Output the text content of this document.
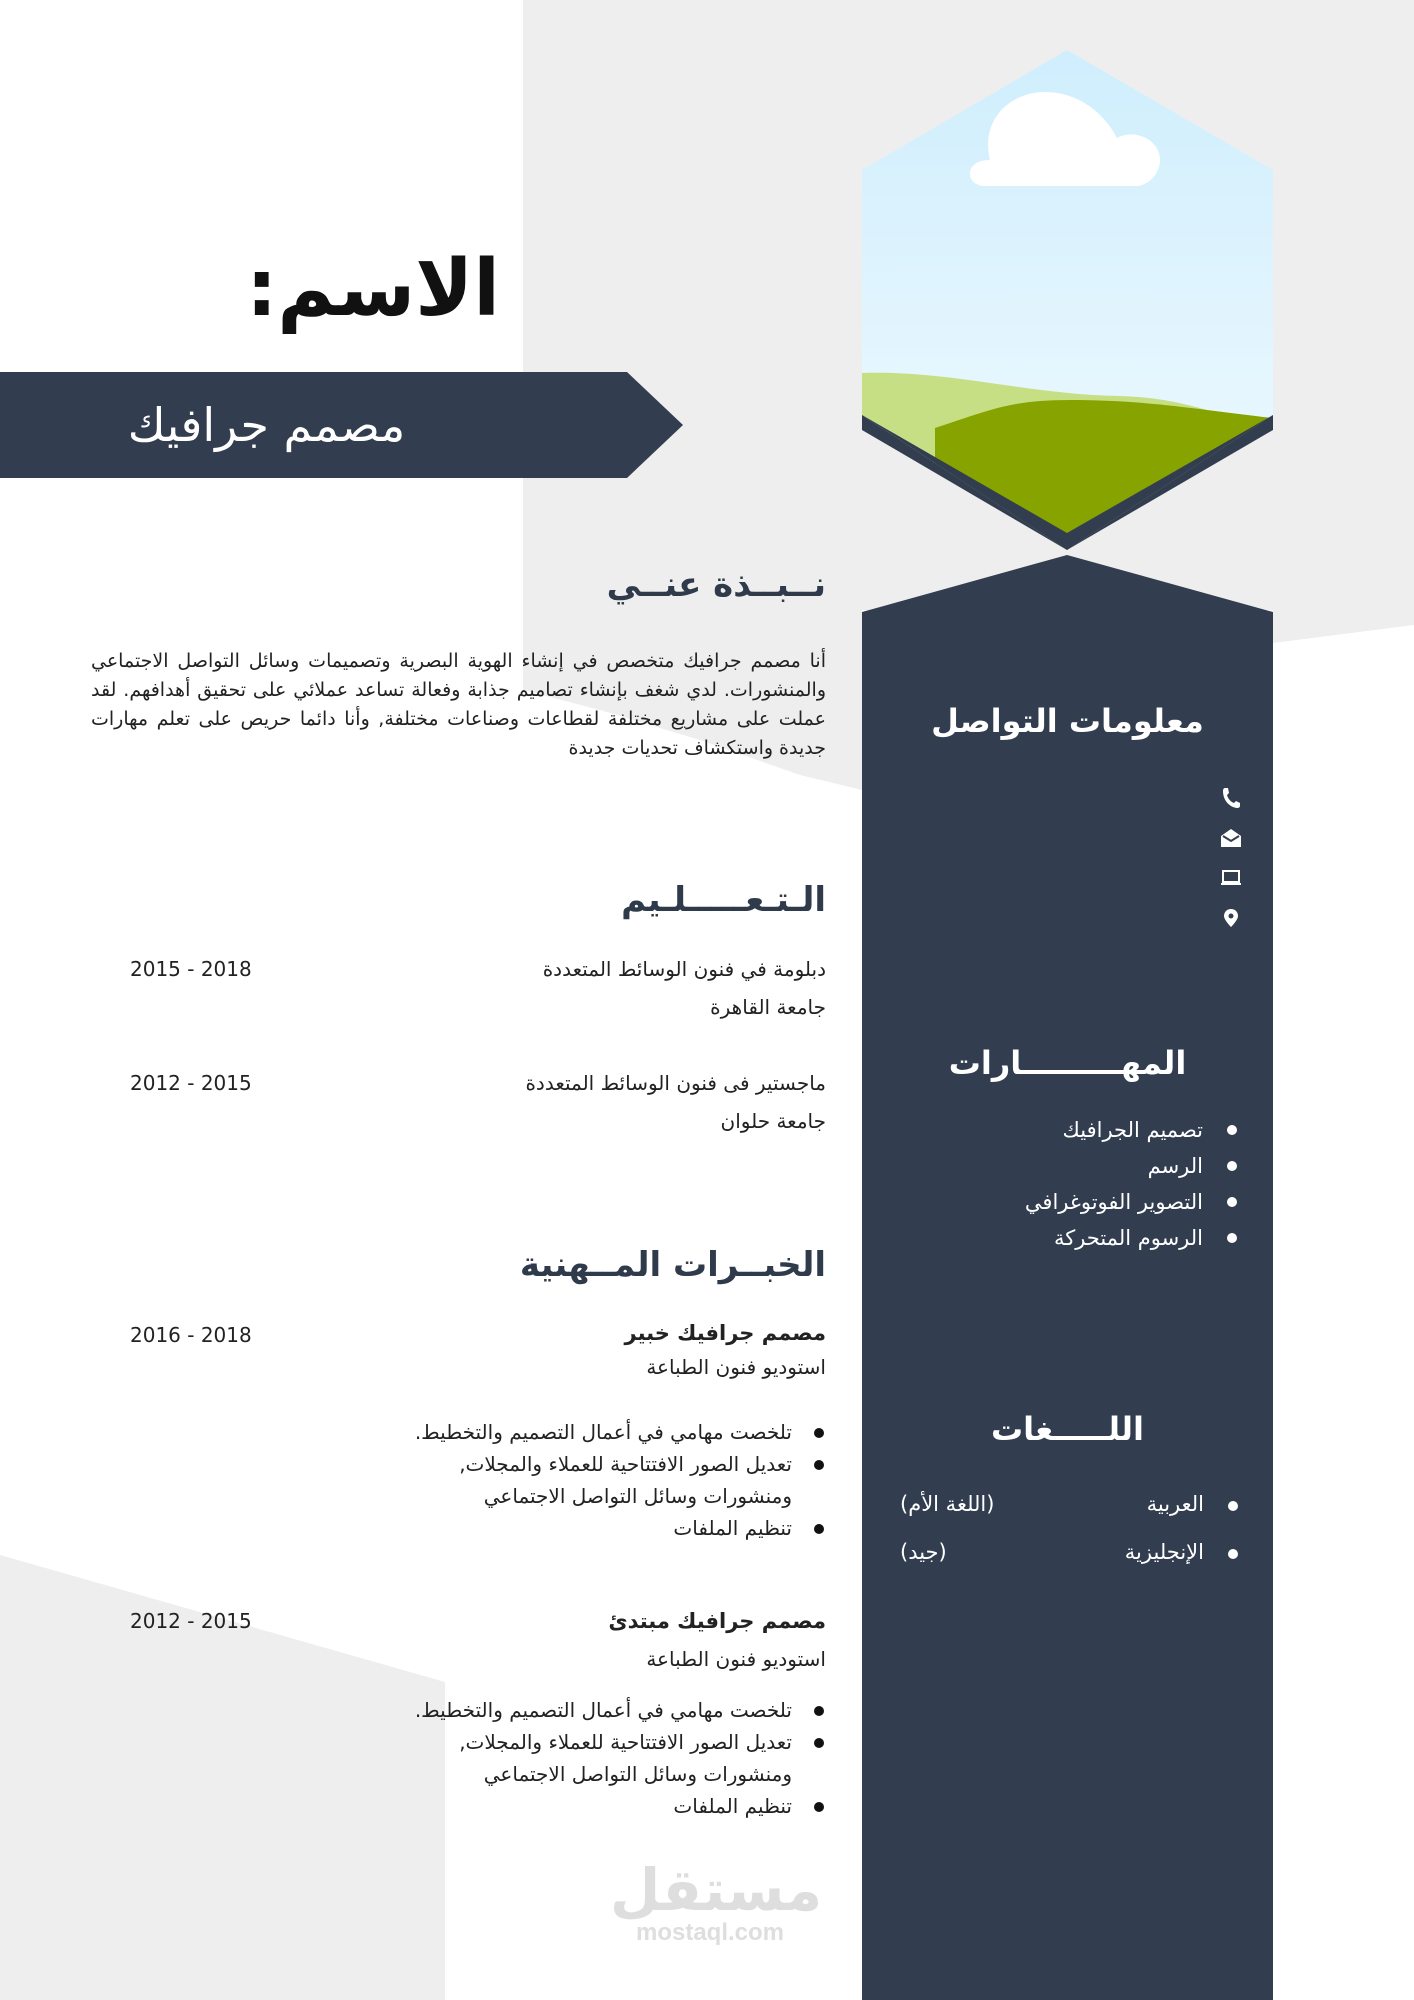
الاسم:
مصمم جرافيك
نــبــذة عنــي
أنا مصمم جرافيك متخصص في إنشاء الهوية البصرية وتصميمات وسائل التواصل الاجتماعي والمنشورات. لدي شغف بإنشاء تصاميم جذابة وفعالة تساعد عملائي على تحقيق أهدافهم. لقد عملت على مشاريع مختلفة لقطاعات وصناعات مختلفة, وأنا دائما حريص على تعلم مهارات جديدة واستكشاف تحديات جديدة
الـتـعـــــلـيم
2015 - 2018	دبلومة في فنون الوسائط المتعددة
جامعة القاهرة
2012 - 2015	ماجستير فى فنون الوسائط المتعددة
جامعة حلوان
الخبــرات المــهنية
2016 - 2018	مصمم جرافيك خبير
استوديو فنون الطباعة
تلخصت مهامي في أعمال التصميم والتخطيط.
تعديل الصور الافتتاحية للعملاء والمجلات, ومنشورات وسائل التواصل الاجتماعي
تنظيم الملفات
2012 - 2015	مصمم جرافيك مبتدئ
استوديو فنون الطباعة
تلخصت مهامي في أعمال التصميم والتخطيط.
تعديل الصور الافتتاحية للعملاء والمجلات, ومنشورات وسائل التواصل الاجتماعي
تنظيم الملفات
معلومات التواصل
المهـــــــــارات
تصميم الجرافيك
الرسم
التصوير الفوتوغرافي
الرسوم المتحركة
اللـــــغات
العربية
(اللغة الأم)
الإنجليزية
(جيد)
مستقل
mostaql.com
